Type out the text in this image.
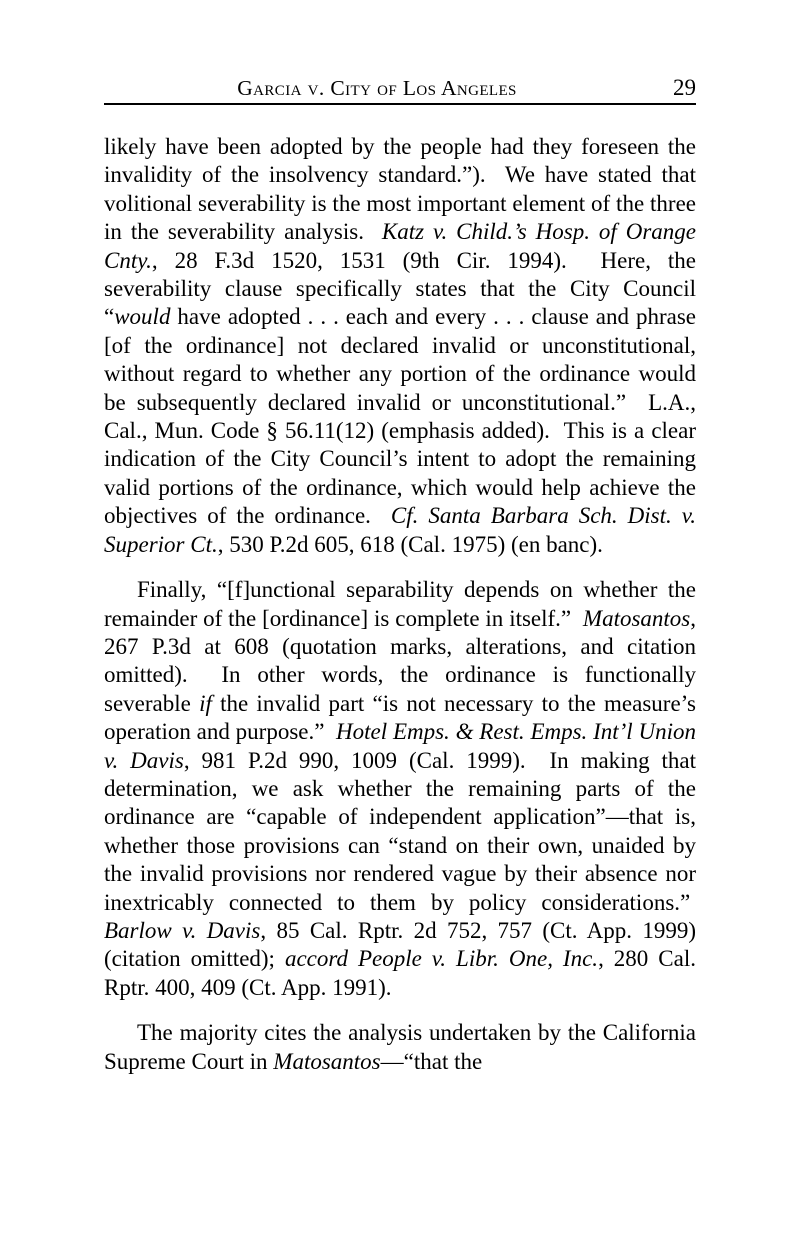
Garcia v. City of Los Angeles	29

likely have been adopted by the people had they foreseen the invalidity of the insolvency standard.”).  We have stated that volitional severability is the most important element of the three in the severability analysis.  Katz v. Child.’s Hosp. of Orange Cnty., 28 F.3d 1520, 1531 (9th Cir. 1994).  Here, the severability clause specifically states that the City Council “would have adopted . . . each and every . . . clause and phrase [of the ordinance] not declared invalid or unconstitutional, without regard to whether any portion of the ordinance would be subsequently declared invalid or unconstitutional.”  L.A., Cal., Mun. Code § 56.11(12) (emphasis added).  This is a clear indication of the City Council’s intent to adopt the remaining valid portions of the ordinance, which would help achieve the objectives of the ordinance.  Cf. Santa Barbara Sch. Dist. v. Superior Ct., 530 P.2d 605, 618 (Cal. 1975) (en banc).

Finally, “[f]unctional separability depends on whether the remainder of the [ordinance] is complete in itself.”  Matosantos, 267 P.3d at 608 (quotation marks, alterations, and citation omitted).  In other words, the ordinance is functionally severable if the invalid part “is not necessary to the measure’s operation and purpose.”  Hotel Emps. & Rest. Emps. Int’l Union v. Davis, 981 P.2d 990, 1009 (Cal. 1999).  In making that determination, we ask whether the remaining parts of the ordinance are “capable of independent application”—that is, whether those provisions can “stand on their own, unaided by the invalid provisions nor rendered vague by their absence nor inextricably connected to them by policy considerations.”  Barlow v. Davis, 85 Cal. Rptr. 2d 752, 757 (Ct. App. 1999) (citation omitted); accord People v. Libr. One, Inc., 280 Cal. Rptr. 400, 409 (Ct. App. 1991).

The majority cites the analysis undertaken by the California Supreme Court in Matosantos—“that the
